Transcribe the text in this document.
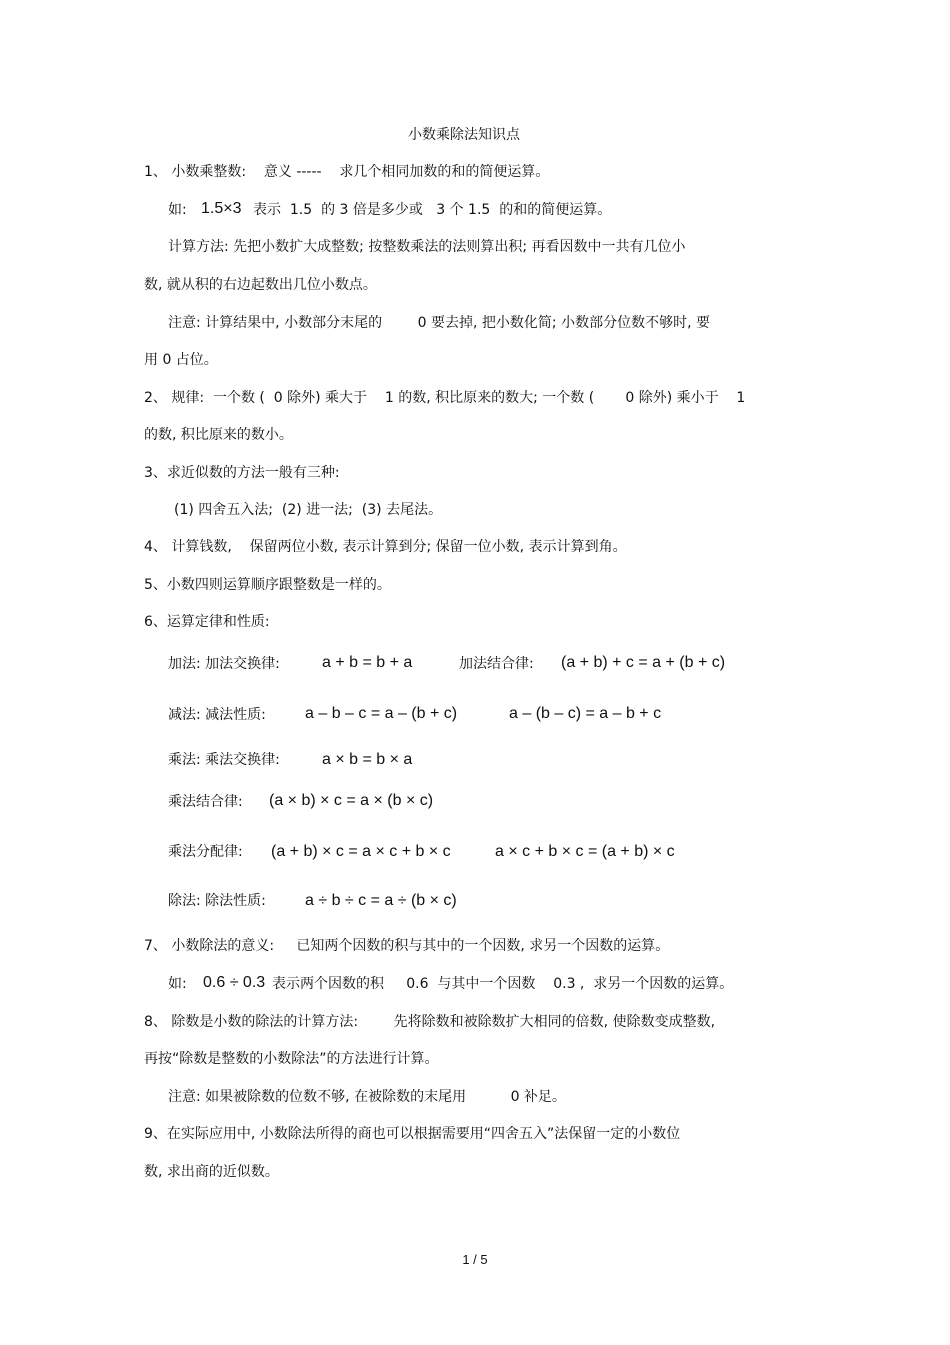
小数乘除法知识点
1、 小数乘整数:    意义 -----    求几个相同加数的和的简便运算。
如: 1.5×3 表示  1.5  的 3 倍是多少或   3 个 1.5  的和的简便运算。
计算方法: 先把小数扩大成整数; 按整数乘法的法则算出积; 再看因数中一共有几位小
数, 就从积的右边起数出几位小数点。
注意: 计算结果中, 小数部分末尾的        0 要去掉, 把小数化简; 小数部分位数不够时, 要
用 0 占位。
2、 规律:  一个数 (  0 除外) 乘大于    1 的数, 积比原来的数大; 一个数 (       0 除外) 乘小于    1
的数, 积比原来的数小。
3、求近似数的方法一般有三种:
(1) 四舍五入法;  (2) 进一法;  (3) 去尾法。
4、 计算钱数,    保留两位小数, 表示计算到分; 保留一位小数, 表示计算到角。
5、小数四则运算顺序跟整数是一样的。
6、运算定律和性质:
加法: 加法交换律:	a + b = b + a	加法结合律: (a + b) + c = a + (b + c)
减法: 减法性质: a – b – c = a – (b + c)	a – (b – c) = a – b + c
乘法: 乘法交换律:	a × b = b × a
乘法结合律: (a × b) × c = a × (b × c)
乘法分配律: (a + b) × c = a × c + b × c	a × c + b × c = (a + b) × c
除法: 除法性质: a ÷ b ÷ c = a ÷ (b × c)
7、 小数除法的意义:     已知两个因数的积与其中的一个因数, 求另一个因数的运算。
如: 0.6 ÷ 0.3 表示两个因数的积     0.6  与其中一个因数    0.3 ,  求另一个因数的运算。
8、 除数是小数的除法的计算方法:        先将除数和被除数扩大相同的倍数, 使除数变成整数,
再按“除数是整数的小数除法”的方法进行计算。
注意: 如果被除数的位数不够, 在被除数的末尾用          0 补足。
9、在实际应用中, 小数除法所得的商也可以根据需要用“四舍五入”法保留一定的小数位
数, 求出商的近似数。
1 / 5
